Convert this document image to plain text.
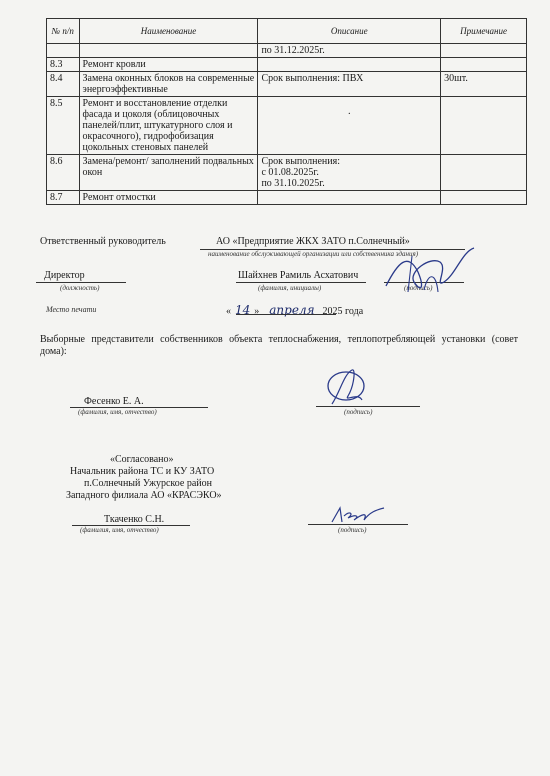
№ п/п	Наименование	Описание	Примечание
		по 31.12.2025г.	
8.3	Ремонт кровли		
8.4	Замена оконных блоков на современные энергоэффективные	Срок выполнения: ПВХ	30шт.
8.5	Ремонт и восстановление отделки фасада и цоколя (облицовочных панелей/плит, штукатурного слоя и окрасочного), гидрофобизация цокольных стеновых панелей	·	
8.6	Замена/ремонт/ заполнений подвальных окон	Срок выполнения:
с 01.08.2025г.
по 31.10.2025г.	
8.7	Ремонт отмостки		
Ответственный руководитель	АО «Предприятие ЖКХ ЗАТО п.Солнечный»
наименование обслуживающей организации или собственника здания)
Директор
(должность)
Шайхнев Рамиль Асхатович
(фамилия, инициалы)	(подпись)
Место печати	« 14 » апреля 2025 года
Выборные представители собственников объекта теплоснабжения, теплопотребляющей установки (совет дома):
Фесенко Е. А.
(фамилия, имя, отчество)	(подпись)
«Согласовано»
Начальник района ТС и КУ ЗАТО
п.Солнечный Ужурское район
Западного филиала АО «КРАСЭКО»
Ткаченко С.Н.
(фамилия, имя, отчество)	(подпись)
